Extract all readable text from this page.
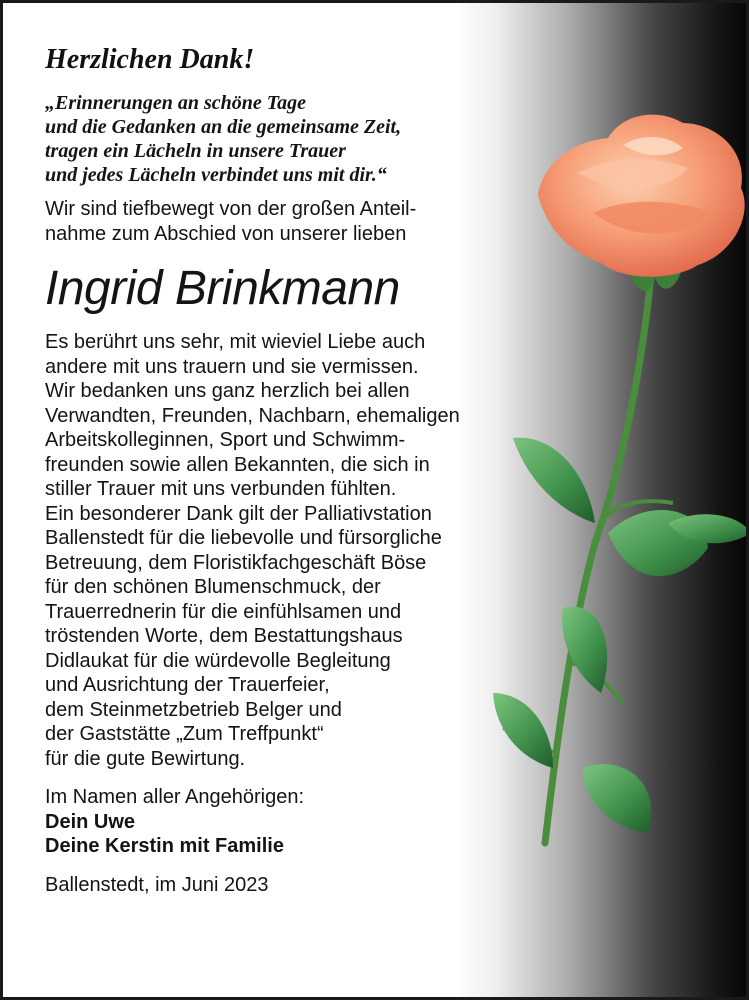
Herzlichen Dank!
„Erinnerungen an schöne Tage
und die Gedanken an die gemeinsame Zeit,
tragen ein Lächeln in unsere Trauer
und jedes Lächeln verbindet uns mit dir.“
Wir sind tiefbewegt von der großen Anteil-
nahme zum Abschied von unserer lieben
Ingrid Brinkmann
Es berührt uns sehr, mit wieviel Liebe auch
andere mit uns trauern und sie vermissen.
Wir bedanken uns ganz herzlich bei allen
Verwandten, Freunden, Nachbarn, ehemaligen
Arbeitskolleginnen, Sport und Schwimm-
freunden sowie allen Bekannten, die sich in
stiller Trauer mit uns verbunden fühlten.
Ein besonderer Dank gilt der Palliativstation
Ballenstedt für die liebevolle und fürsorgliche
Betreuung, dem Floristikfachgeschäft Böse
für den schönen Blumenschmuck, der
Trauerrednerin für die einfühlsamen und
tröstenden Worte, dem Bestattungshaus
Didlaukat für die würdevolle Begleitung
und Ausrichtung der Trauerfeier,
dem Steinmetzbetrieb Belger und
der Gaststätte „Zum Treffpunkt“
für die gute Bewirtung.
Im Namen aller Angehörigen:
Dein Uwe
Deine Kerstin mit Familie
Ballenstedt, im Juni 2023
